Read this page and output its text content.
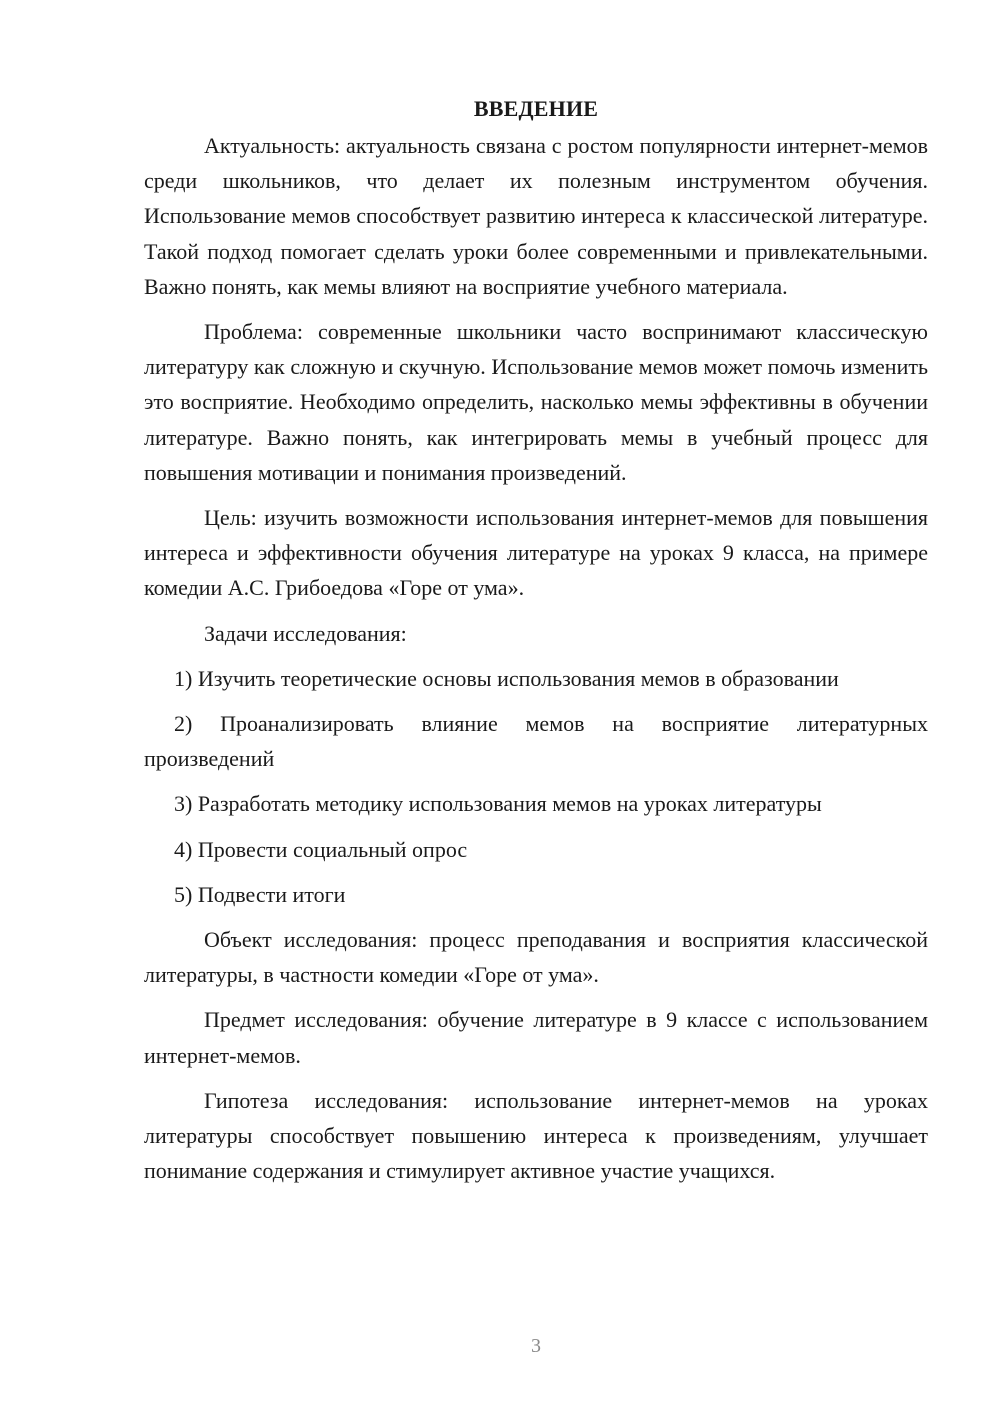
ВВЕДЕНИЕ

Актуальность: актуальность связана с ростом популярности интернет-мемов среди школьников, что делает их полезным инструментом обучения. Использование мемов способствует развитию интереса к классической литературе. Такой подход помогает сделать уроки более современными и привлекательными. Важно понять, как мемы влияют на восприятие учебного материала.

Проблема: современные школьники часто воспринимают классическую литературу как сложную и скучную. Использование мемов может помочь изменить это восприятие. Необходимо определить, насколько мемы эффективны в обучении литературе. Важно понять, как интегрировать мемы в учебный процесс для повышения мотивации и понимания произведений.

Цель: изучить возможности использования интернет-мемов для повышения интереса и эффективности обучения литературе на уроках 9 класса, на примере комедии А.С. Грибоедова «Горе от ума».

Задачи исследования:

1) Изучить теоретические основы использования мемов в образовании

2) Проанализировать влияние мемов на восприятие литературных произведений

3) Разработать методику использования мемов на уроках литературы

4) Провести социальный опрос

5) Подвести итоги

Объект исследования: процесс преподавания и восприятия классической литературы, в частности комедии «Горе от ума».

Предмет исследования: обучение литературе в 9 классе с использованием интернет-мемов.

Гипотеза исследования: использование интернет-мемов на уроках литературы способствует повышению интереса к произведениям, улучшает понимание содержания и стимулирует активное участие учащихся.

3
